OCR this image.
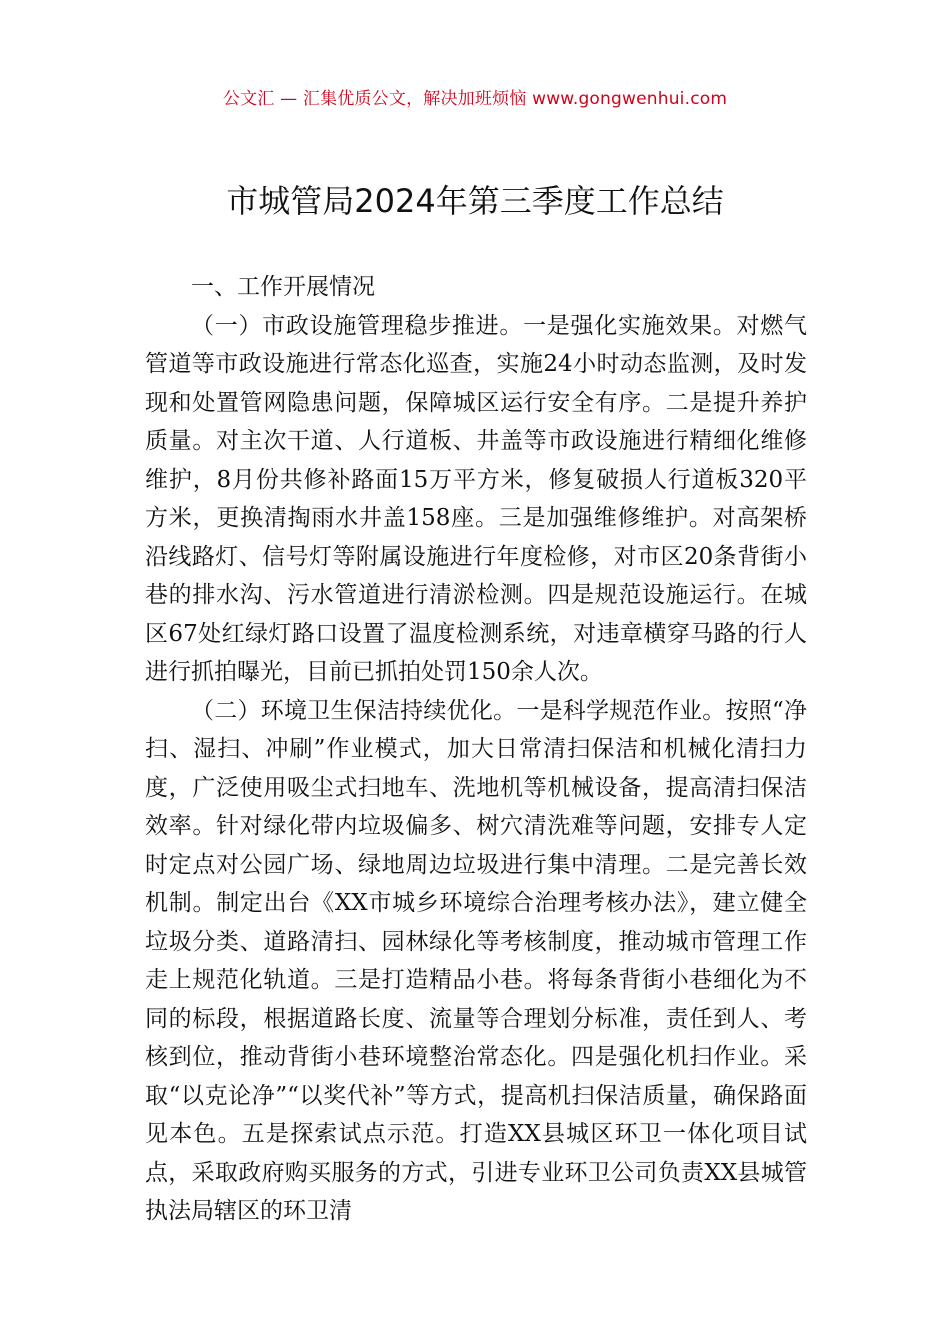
公文汇 — 汇集优质公文，解决加班烦恼 www.gongwenhui.com
市城管局2024年第三季度工作总结

一、工作开展情况

（一）市政设施管理稳步推进。一是强化实施效果。对燃气管道等市政设施进行常态化巡查，实施24小时动态监测，及时发现和处置管网隐患问题，保障城区运行安全有序。二是提升养护质量。对主次干道、人行道板、井盖等市政设施进行精细化维修维护，8月份共修补路面15万平方米，修复破损人行道板320平方米，更换清掏雨水井盖158座。三是加强维修维护。对高架桥沿线路灯、信号灯等附属设施进行年度检修，对市区20条背街小巷的排水沟、污水管道进行清淤检测。四是规范设施运行。在城区67处红绿灯路口设置了温度检测系统，对违章横穿马路的行人进行抓拍曝光，目前已抓拍处罚150余人次。

（二）环境卫生保洁持续优化。一是科学规范作业。按照“净扫、湿扫、冲刷”作业模式，加大日常清扫保洁和机械化清扫力度，广泛使用吸尘式扫地车、洗地机等机械设备，提高清扫保洁效率。针对绿化带内垃圾偏多、树穴清洗难等问题，安排专人定时定点对公园广场、绿地周边垃圾进行集中清理。二是完善长效机制。制定出台《XX市城乡环境综合治理考核办法》，建立健全垃圾分类、道路清扫、园林绿化等考核制度，推动城市管理工作走上规范化轨道。三是打造精品小巷。将每条背街小巷细化为不同的标段，根据道路长度、流量等合理划分标准，责任到人、考核到位，推动背街小巷环境整治常态化。四是强化机扫作业。采取“以克论净”“以奖代补”等方式，提高机扫保洁质量，确保路面见本色。五是探索试点示范。打造XX县城区环卫一体化项目试点，采取政府购买服务的方式，引进专业环卫公司负责XX县城管执法局辖区的环卫清
